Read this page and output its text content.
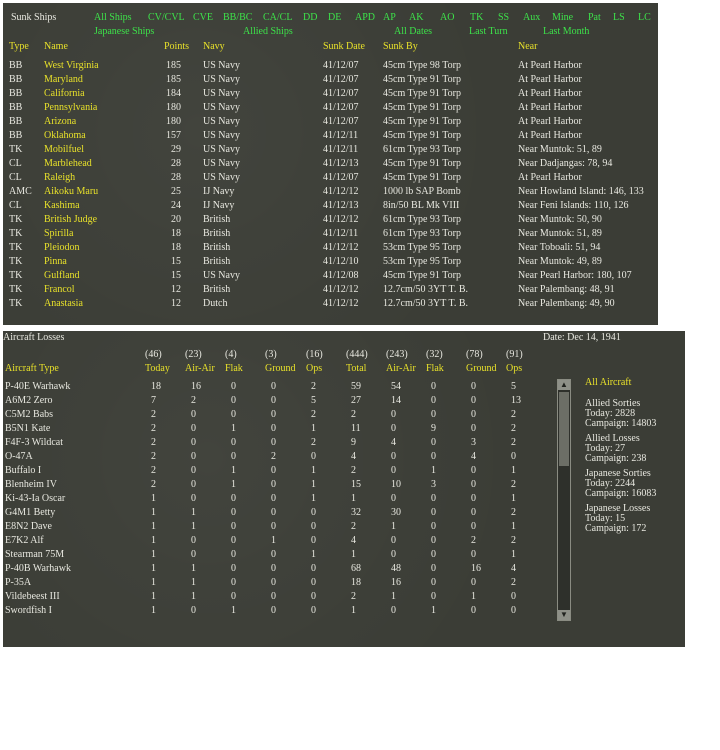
Sunk Ships	All Ships CV/CVL CVE BB/BC CA/CL DD DE APD AP AK AO TK SS Aux Mine Pat LS LC
Japanese Ships	Allied Ships	All Dates	Last Turn	Last Month
Type Name	Points Navy	Sunk Date Sunk By	Near
BB West Virginia	185 US Navy	41/12/07 45cm Type 98 Torp	At Pearl Harbor
BB Maryland	185 US Navy	41/12/07 45cm Type 91 Torp	At Pearl Harbor
BB California	184 US Navy	41/12/07 45cm Type 91 Torp	At Pearl Harbor
BB Pennsylvania	180 US Navy	41/12/07 45cm Type 91 Torp	At Pearl Harbor
BB Arizona	180 US Navy	41/12/07 45cm Type 91 Torp	At Pearl Harbor
BB Oklahoma	157 US Navy	41/12/11 45cm Type 91 Torp	At Pearl Harbor
TK Mobilfuel	29 US Navy	41/12/11 61cm Type 93 Torp	Near Muntok: 51, 89
CL Marblehead	28 US Navy	41/12/13 45cm Type 91 Torp	Near Dadjangas: 78, 94
CL Raleigh	28 US Navy	41/12/07 45cm Type 91 Torp	At Pearl Harbor
AMC Aikoku Maru	25 IJ Navy	41/12/12 1000 lb SAP Bomb	Near Howland Island: 146, 133
CL Kashima	24 IJ Navy	41/12/13 8in/50 BL Mk VIII	Near Feni Islands: 110, 126
TK British Judge	20 British	41/12/12 61cm Type 93 Torp	Near Muntok: 50, 90
TK Spirilla	18 British	41/12/11 61cm Type 93 Torp	Near Muntok: 51, 89
TK Pleiodon	18 British	41/12/12 53cm Type 95 Torp	Near Toboali: 51, 94
TK Pinna	15 British	41/12/10 53cm Type 95 Torp	Near Muntok: 49, 89
TK Gulfland	15 US Navy	41/12/08 45cm Type 91 Torp	Near Pearl Harbor: 180, 107
TK Francol	12 British	41/12/12 12.7cm/50 3YT T. B.	Near Palembang: 48, 91
TK Anastasia	12 Dutch	41/12/12 12.7cm/50 3YT T. B.	Near Palembang: 49, 90
Aircraft Losses	Date: Dec 14, 1941
(46) (23) (4)	(3)	(16) (444) (243) (32) (78) (91)
Aircraft Type	Today Air-Air Flak Ground Ops Total Air-Air Flak Ground Ops
P-40E Warhawk	18	16	0	0	2	59	54	0	0	5
A6M2 Zero	7	2	0	0	5	27	14	0	0	13
C5M2 Babs	2	0	0	0	2	2	0	0	0	2
B5N1 Kate	2	0	1	0	1	11	0	9	0	2
F4F-3 Wildcat	2	0	0	0	2	9	4	0	3	2
O-47A	2	0	0	2	0	4	0	0	4	0
Buffalo I	2	0	1	0	1	2	0	1	0	1
Blenheim IV	2	0	1	0	1	15	10	3	0	2
Ki-43-Ia Oscar	1	0	0	0	1	1	0	0	0	1
G4M1 Betty	1	1	0	0	0	32	30	0	0	2
E8N2 Dave	1	1	0	0	0	2	1	0	0	1
E7K2 Alf	1	0	0	1	0	4	0	0	2	2
Stearman 75M	1	0	0	0	1	1	0	0	0	1
P-40B Warhawk	1	1	0	0	0	68	48	0	16	4
P-35A	1	1	0	0	0	18	16	0	0	2
Vildebeest III	1	1	0	0	0	2	1	0	1	0
Swordfish I	1	0	1	0	0	1	0	1	0	0
▲
▼
All Aircraft
Allied Sorties
Today: 2828
Campaign: 14803
Allied Losses
Today: 27
Campaign: 238
Japanese Sorties
Today: 2244
Campaign: 16083
Japanese Losses
Today: 15
Campaign: 172
